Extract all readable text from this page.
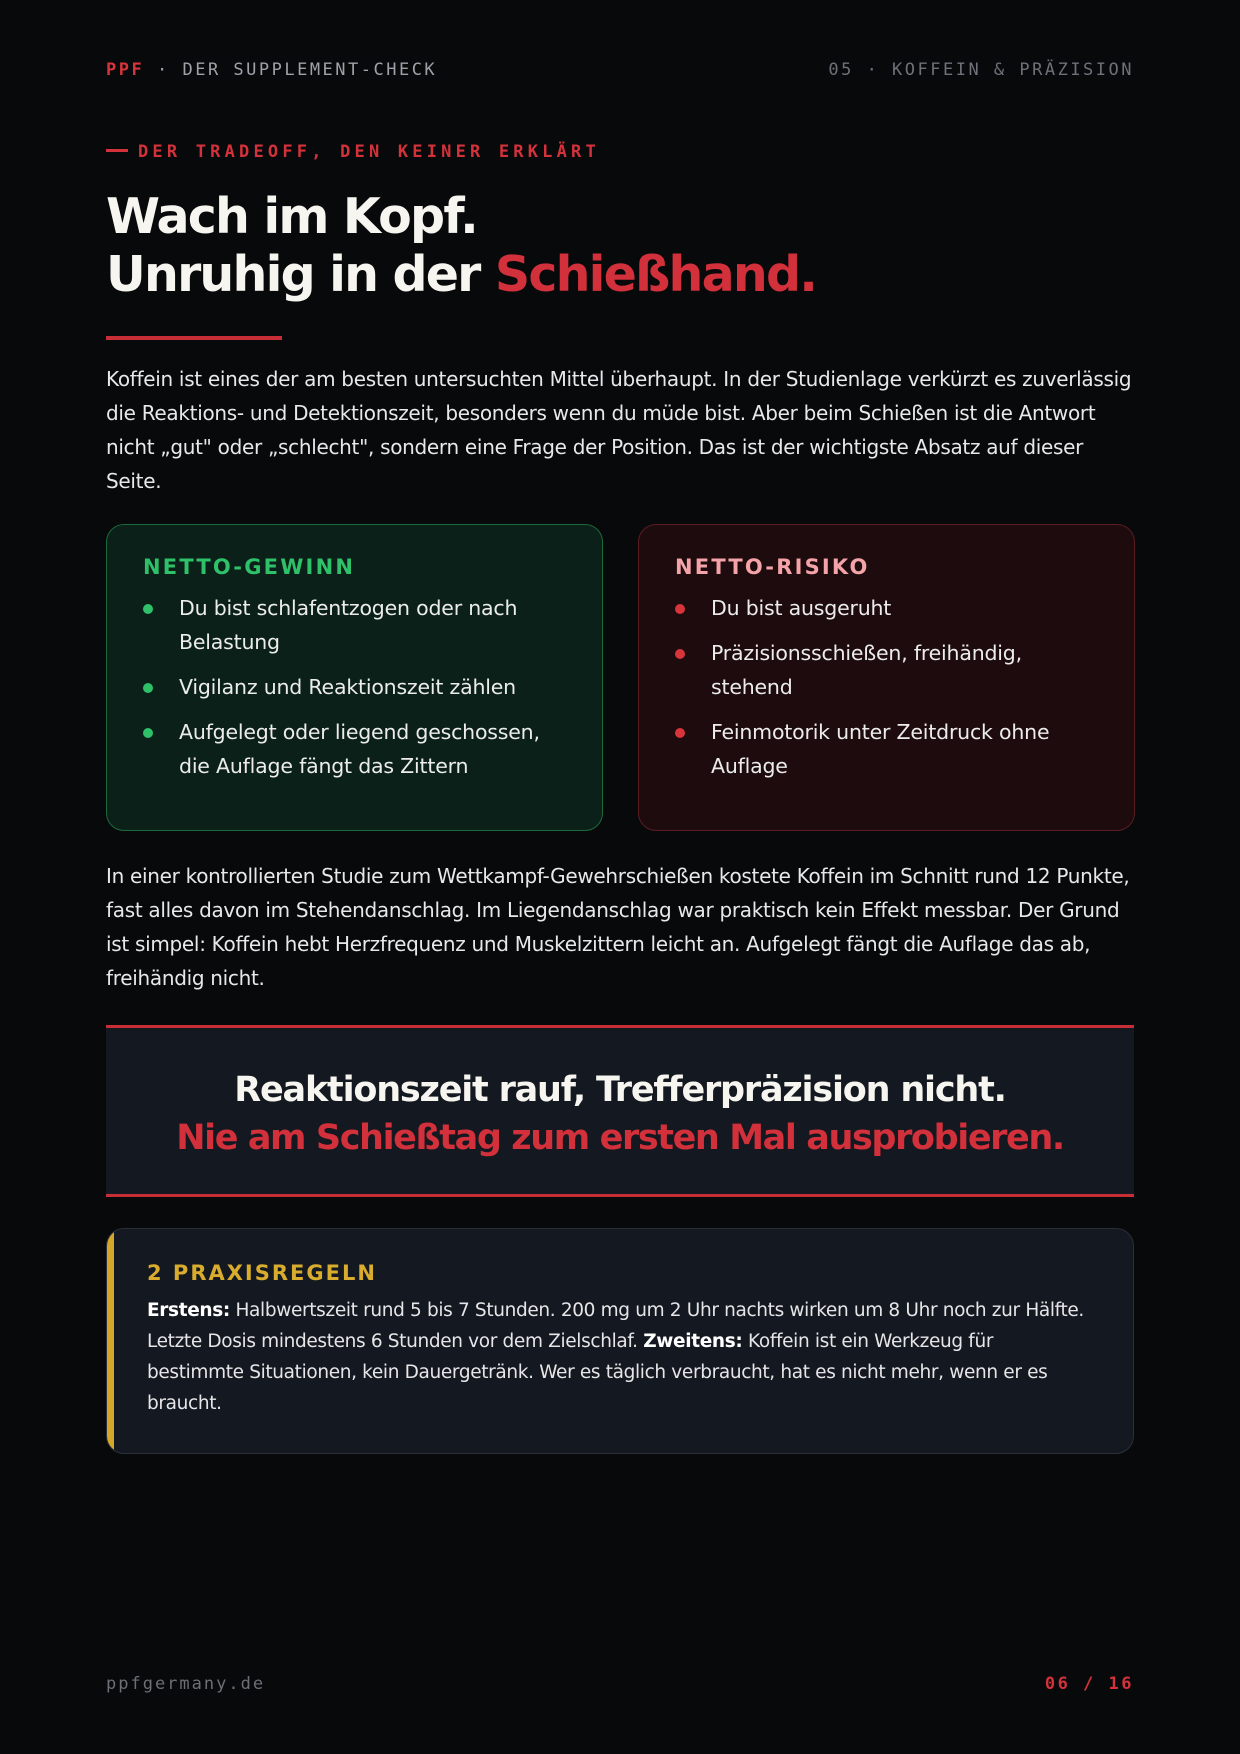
PPF · DER SUPPLEMENT-CHECK	05 · KOFFEIN & PRÄZISION
DER TRADEOFF, DEN KEINER ERKLÄRT
Wach im Kopf.
Unruhig in der Schießhand.

Koffein ist eines der am besten untersuchten Mittel überhaupt. In der Studienlage verkürzt es zuverlässig die Reaktions- und Detektionszeit, besonders wenn du müde bist. Aber beim Schießen ist die Antwort nicht „gut" oder „schlecht", sondern eine Frage der Position. Das ist der wichtigste Absatz auf dieser Seite.

NETTO-GEWINN
Du bist schlafentzogen oder nach Belastung
Vigilanz und Reaktionszeit zählen
Aufgelegt oder liegend geschossen, die Auflage fängt das Zittern
NETTO-RISIKO
Du bist ausgeruht
Präzisionsschießen, freihändig, stehend
Feinmotorik unter Zeitdruck ohne Auflage

In einer kontrollierten Studie zum Wettkampf-Gewehrschießen kostete Koffein im Schnitt rund 12 Punkte, fast alles davon im Stehendanschlag. Im Liegendanschlag war praktisch kein Effekt messbar. Der Grund ist simpel: Koffein hebt Herzfrequenz und Muskelzittern leicht an. Aufgelegt fängt die Auflage das ab, freihändig nicht.

Reaktionszeit rauf, Trefferpräzision nicht.
Nie am Schießtag zum ersten Mal ausprobieren.
2 PRAXISREGELN

Erstens: Halbwertszeit rund 5 bis 7 Stunden. 200 mg um 2 Uhr nachts wirken um 8 Uhr noch zur Hälfte. Letzte Dosis mindestens 6 Stunden vor dem Zielschlaf. Zweitens: Koffein ist ein Werkzeug für bestimmte Situationen, kein Dauergetränk. Wer es täglich verbraucht, hat es nicht mehr, wenn er es braucht.

ppfgermany.de	06 / 16
